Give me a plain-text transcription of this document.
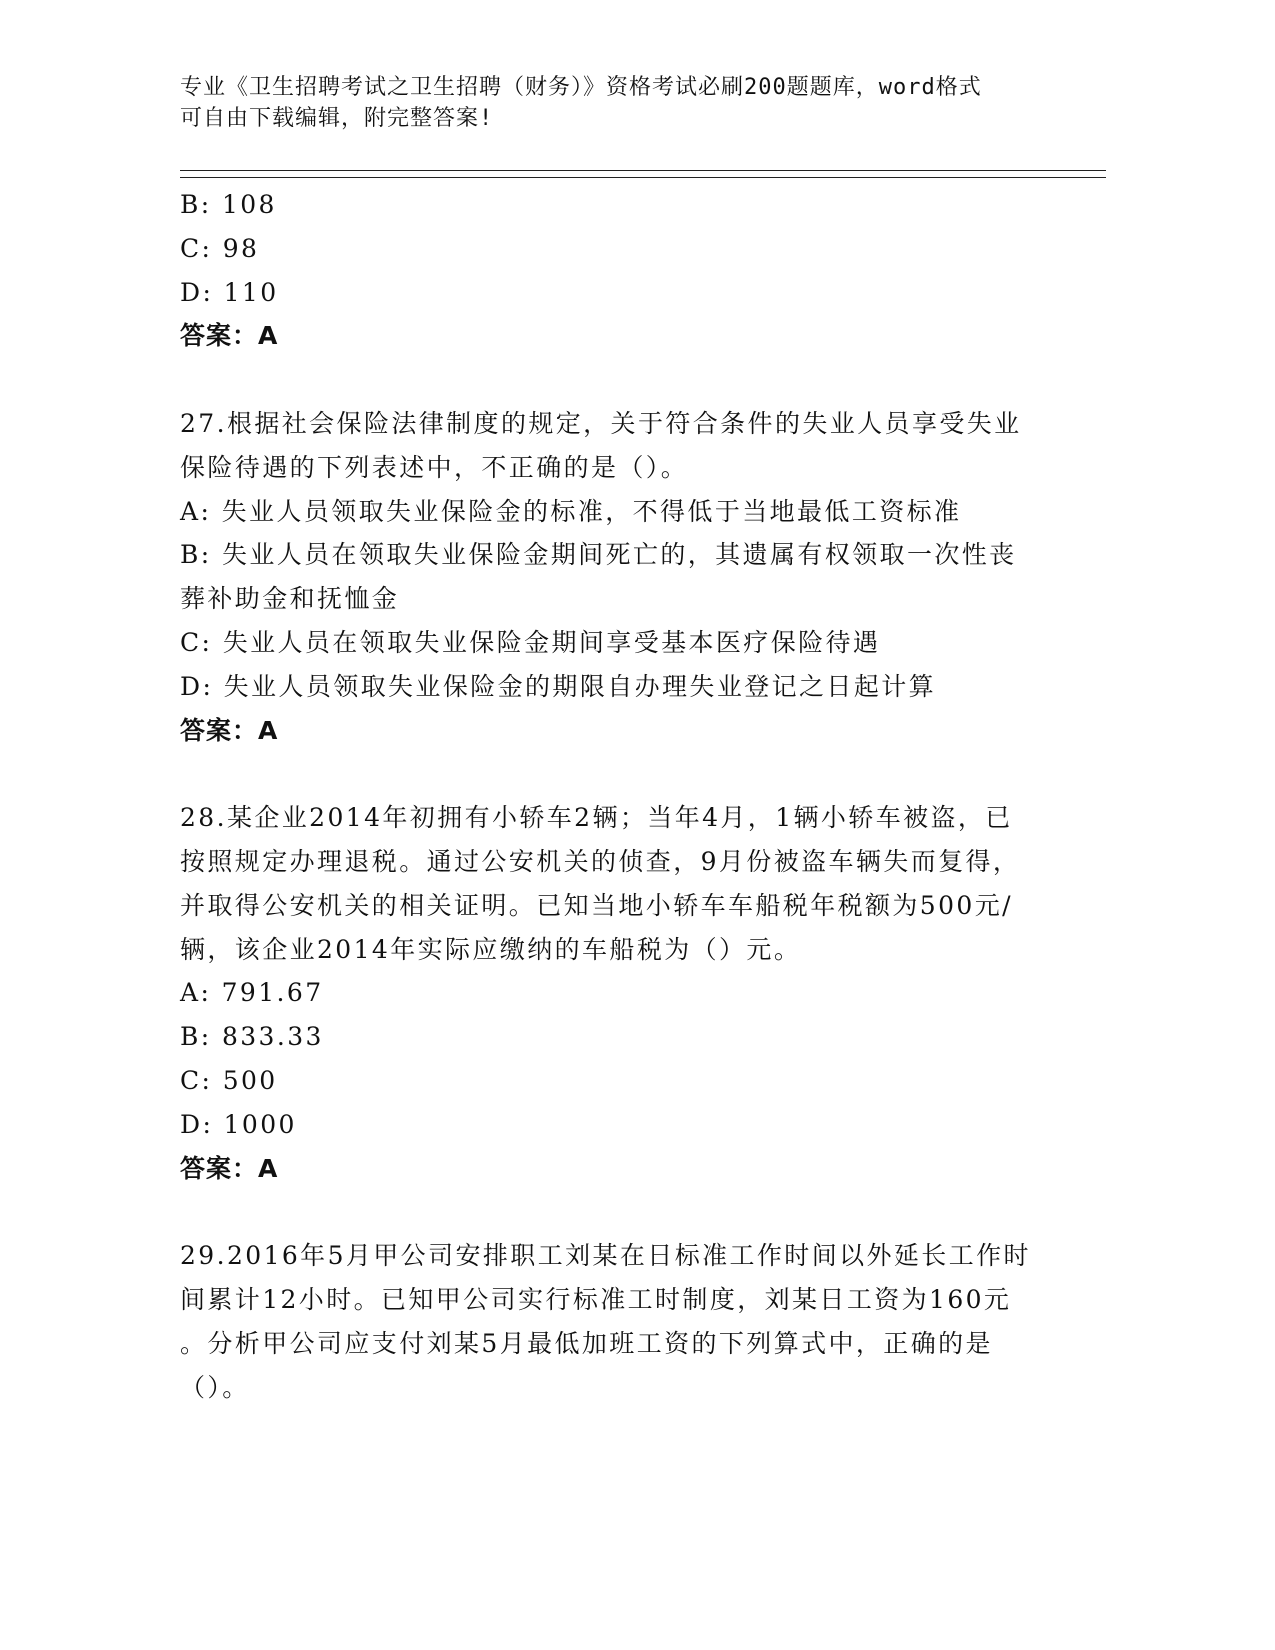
专业《卫生招聘考试之卫生招聘（财务）》资格考试必刷200题题库，word格式
可自由下载编辑，附完整答案!
B: 108
C: 98
D: 110
答案：A
27.根据社会保险法律制度的规定，关于符合条件的失业人员享受失业
保险待遇的下列表述中，不正确的是（）。
A: 失业人员领取失业保险金的标准，不得低于当地最低工资标准
B: 失业人员在领取失业保险金期间死亡的，其遗属有权领取一次性丧
葬补助金和抚恤金
C: 失业人员在领取失业保险金期间享受基本医疗保险待遇
D: 失业人员领取失业保险金的期限自办理失业登记之日起计算
答案：A
28.某企业2014年初拥有小轿车2辆；当年4月，1辆小轿车被盗，已
按照规定办理退税。通过公安机关的侦查，9月份被盗车辆失而复得，
并取得公安机关的相关证明。已知当地小轿车车船税年税额为500元/
辆，该企业2014年实际应缴纳的车船税为（）元。
A: 791.67
B: 833.33
C: 500
D: 1000
答案：A
29.2016年5月甲公司安排职工刘某在日标准工作时间以外延长工作时
间累计12小时。已知甲公司实行标准工时制度，刘某日工资为160元
。分析甲公司应支付刘某5月最低加班工资的下列算式中，正确的是
（）。
